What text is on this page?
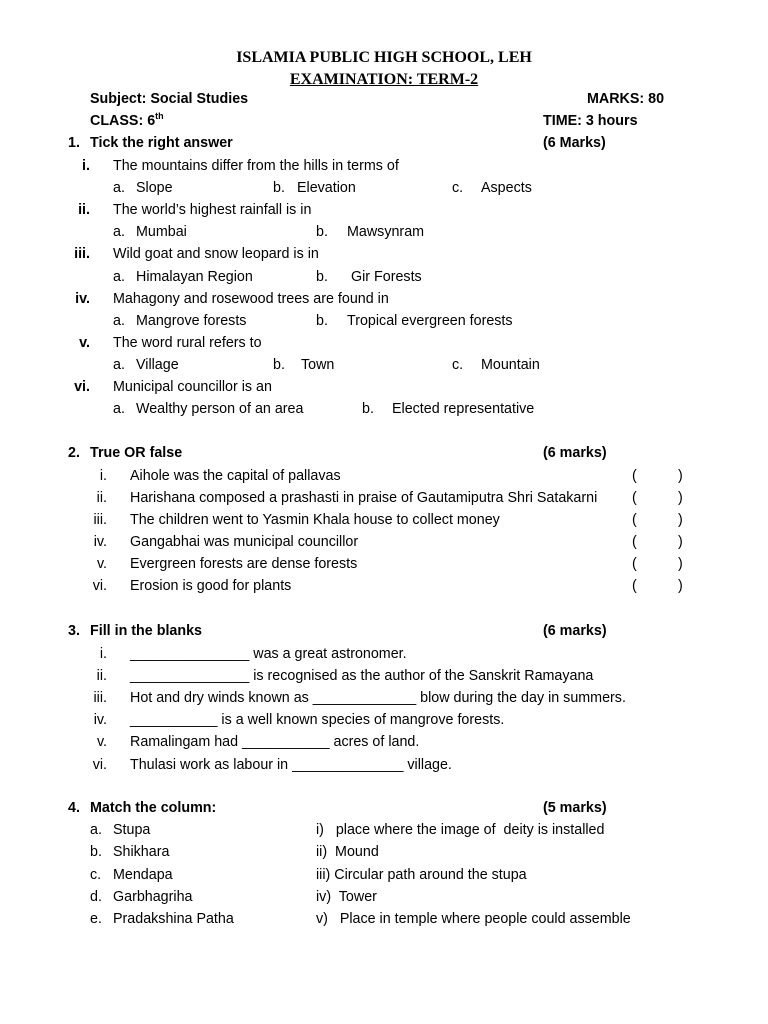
ISLAMIA PUBLIC HIGH SCHOOL, LEH
EXAMINATION: TERM-2
Subject: Social Studies	MARKS: 80
CLASS: 6th	TIME: 3 hours
1. Tick the right answer	(6 Marks)
i. The mountains differ from the hills in terms of
a. Slope	b. Elevation	c. Aspects
ii. The world’s highest rainfall is in
a. Mumbai	b. Mawsynram
iii. Wild goat and snow leopard is in
a. Himalayan Region	b. Gir Forests
iv. Mahagony and rosewood trees are found in
a. Mangrove forests	b. Tropical evergreen forests
v. The word rural refers to
a. Village	b. Town	c. Mountain
vi. Municipal councillor is an
a. Wealthy person of an area	b. Elected representative
2. True OR false	(6 marks)
i. Aihole was the capital of pallavas	(	)
ii. Harishana composed a prashasti in praise of Gautamiputra Shri Satakarni (	)
iii. The children went to Yasmin Khala house to collect money	(	)
iv. Gangabhai was municipal councillor	(	)
v. Evergreen forests are dense forests	(	)
vi. Erosion is good for plants	(	)
3. Fill in the blanks	(6 marks)
i. _______________ was a great astronomer.
ii. _______________ is recognised as the author of the Sanskrit Ramayana
iii. Hot and dry winds known as _____________ blow during the day in summers.
iv. ___________ is a well known species of mangrove forests.
v. Ramalingam had ___________ acres of land.
vi. Thulasi work as labour in ______________ village.
4. Match the column:	(5 marks)
a. Stupa	i)   place where the image of  deity is installed
b. Shikhara	ii)  Mound
c. Mendapa	iii) Circular path around the stupa
d. Garbhagriha	iv)  Tower
e. Pradakshina Patha	v)   Place in temple where people could assemble
